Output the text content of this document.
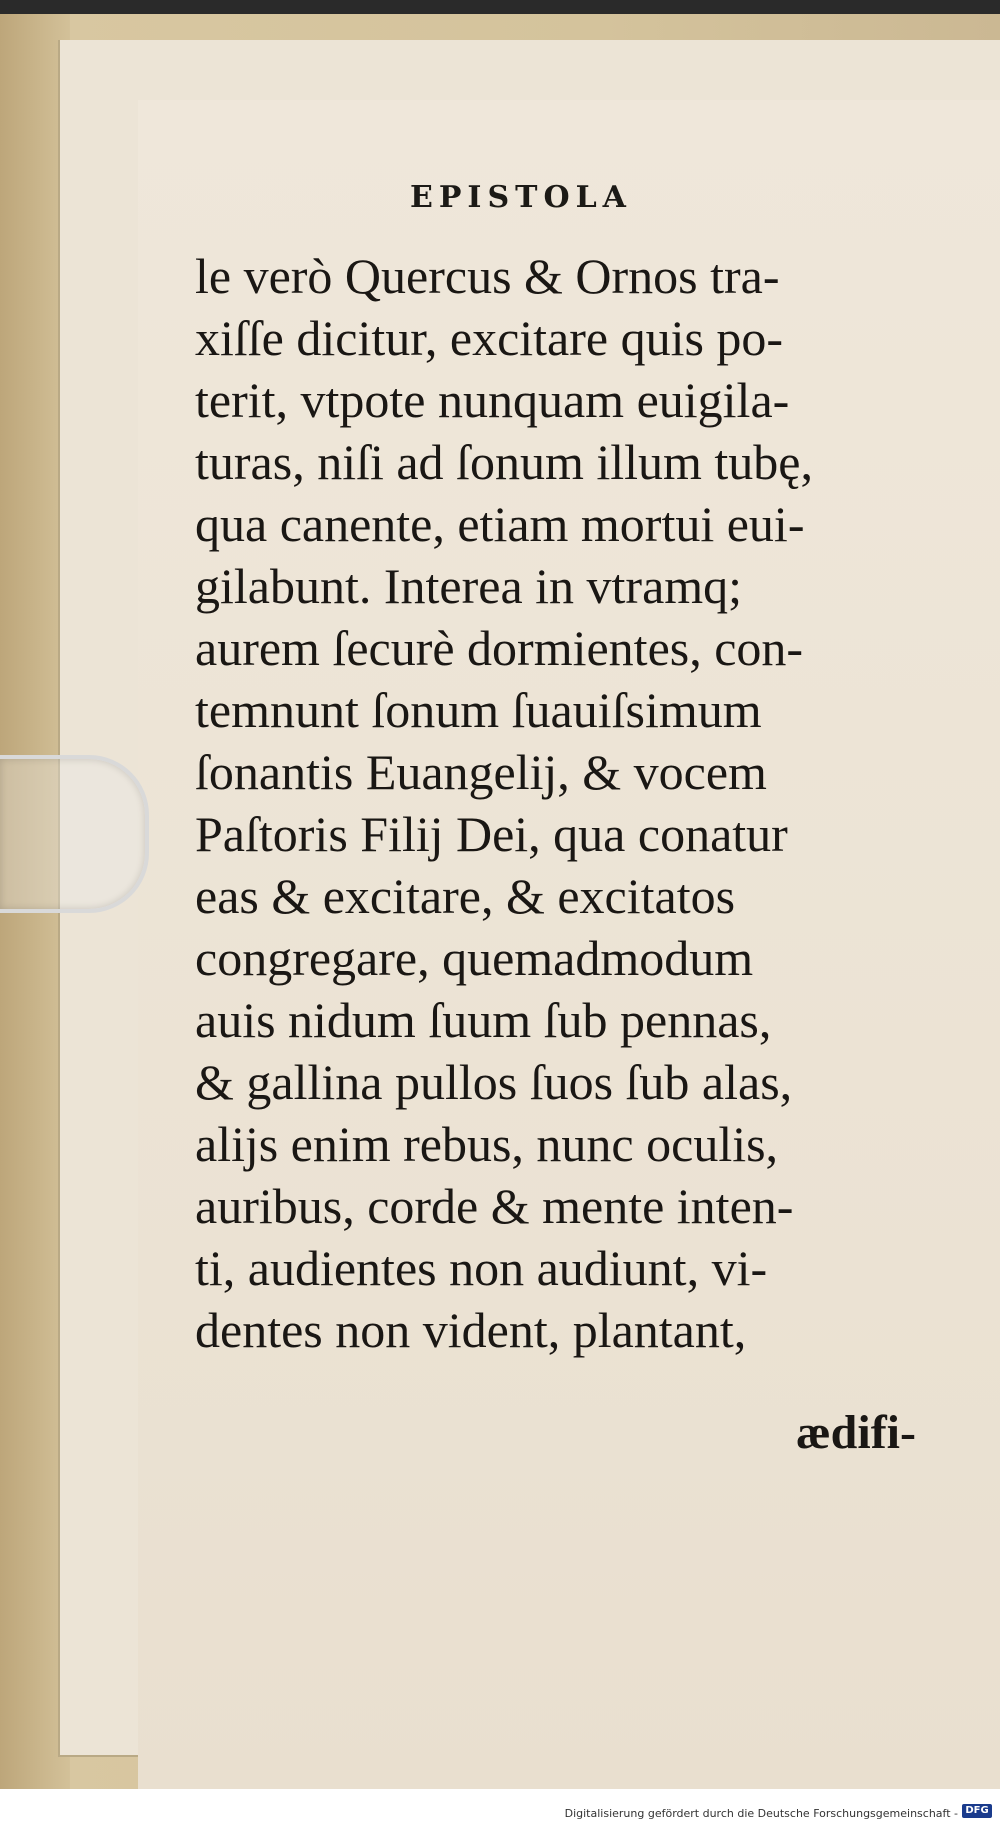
EPISTOLA
le verò Quercus & Ornos tra-
xiſſe dicitur, excitare quis po-
terit, vtpote nunquam euigila-
turas, niſi ad ſonum illum tubę,
qua canente, etiam mortui eui-
gilabunt. Interea in vtramq;
aurem ſecurè dormientes, con-
temnunt ſonum ſuauiſsimum
ſonantis Euangelĳ, & vocem
Paſtoris Filĳ Dei, qua conatur
eas & excitare, & excitatos
congregare, quemadmodum
auis nidum ſuum ſub pennas,
& gallina pullos ſuos ſub alas,
alĳs enim rebus, nunc oculis,
auribus, corde & mente inten-
ti, audientes non audiunt, vi-
dentes non vident, plantant,
ædifi-
Digitalisierung gefördert durch die Deutsche Forschungsgemeinschaft - DFG
